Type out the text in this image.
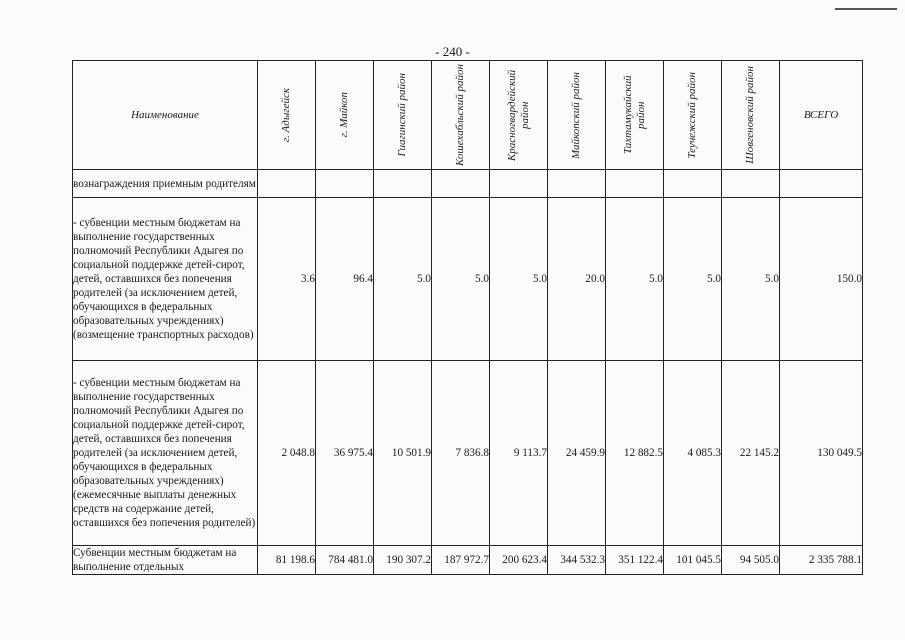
- 240 -
Наименование	г. Адыгейск	г. Майкоп	Гиагинский район	Кошехабльский район	Красногвардейский район	Майкопский район	Тахтамукайский район	Теучежский район	Шовгеновский район	ВСЕГО
вознаграждения приемным родителям										
- субвенции местным бюджетам на выполнение государственных полномочий Республики Адыгея по социальной поддержке детей-сирот, детей, оставшихся без попечения родителей (за исключением детей, обучающихся в федеральных образовательных учреждениях) (возмещение транспортных расходов)	3.6	96.4	5.0	5.0	5.0	20.0	5.0	5.0	5.0	150.0
- субвенции местным бюджетам на выполнение государственных полномочий Республики Адыгея по социальной поддержке детей-сирот, детей, оставшихся без попечения родителей (за исключением детей, обучающихся в федеральных образовательных учреждениях) (ежемесячные выплаты денежных средств на содержание детей, оставшихся без попечения родителей)	2 048.8	36 975.4	10 501.9	7 836.8	9 113.7	24 459.9	12 882.5	4 085.3	22 145.2	130 049.5
Субвенции местным бюджетам на выполнение отдельных	81 198.6	784 481.0	190 307.2	187 972.7	200 623.4	344 532.3	351 122.4	101 045.5	94 505.0	2 335 788.1
